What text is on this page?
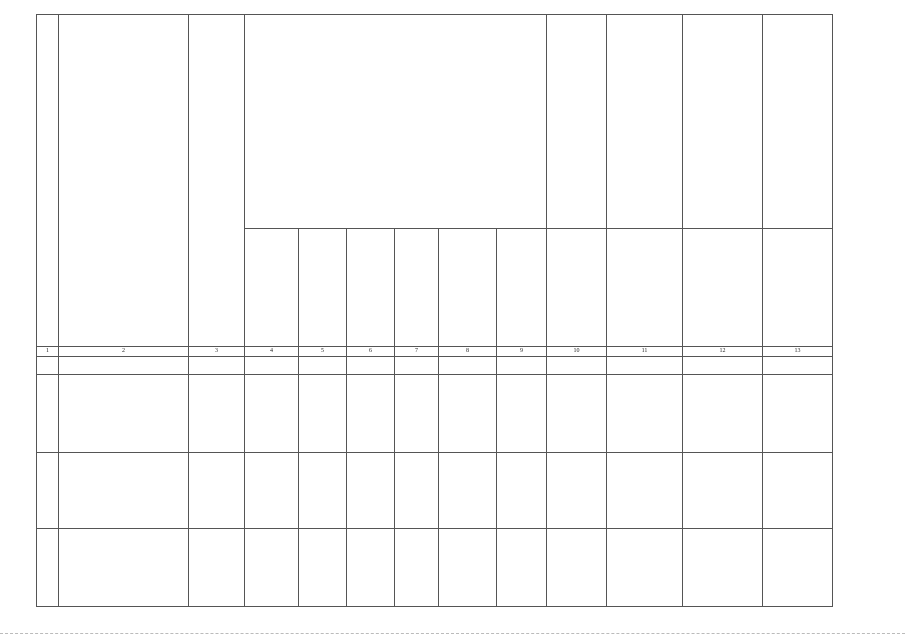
1	2	3	4	5	6	7	8	9	10	11	12	13
